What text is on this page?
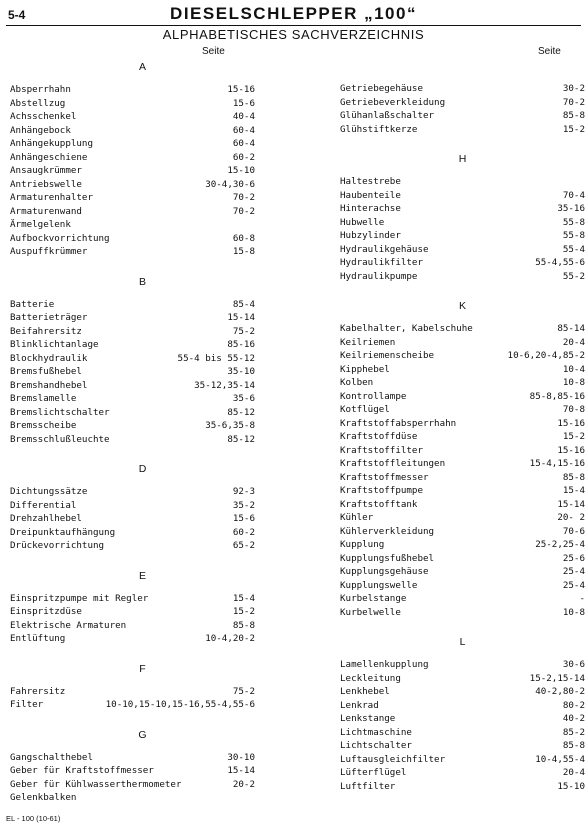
5-4	DIESELSCHLEPPER „100“
ALPHABETISCHES SACHVERZEICHNIS
Seite	Seite
A
Absperrhahn	15-16
Abstellzug	15-6
Achsschenkel	40-4
Anhängebock	60-4
Anhängekupplung	60-4
Anhängeschiene	60-2
Ansaugkrümmer	15-10
Antriebswelle	30-4,30-6
Armaturenhalter	70-2
Armaturenwand	70-2
Ärmelgelenk
Aufbockvorrichtung	60-8
Auspuffkrümmer	15-8
B
Batterie	85-4
Batterieträger	15-14
Beifahrersitz	75-2
Blinklichtanlage	85-16
Blockhydraulik	55-4 bis 55-12
Bremsfußhebel	35-10
Bremshandhebel	35-12,35-14
Bremslamelle	35-6
Bremslichtschalter	85-12
Bremsscheibe	35-6,35-8
Bremsschlußleuchte	85-12
D
Dichtungssätze	92-3
Differential	35-2
Drehzahlhebel	15-6
Dreipunktaufhängung	60-2
Drückevorrichtung	65-2
E
Einspritzpumpe mit Regler	15-4
Einspritzdüse	15-2
Elektrische Armaturen	85-8
Entlüftung	10-4,20-2
F
Fahrersitz	75-2
Filter	10-10,15-10,15-16,55-4,55-6
G
Gangschalthebel	30-10
Geber für Kraftstoffmesser	15-14
Geber für Kühlwasserthermometer	20-2
Gelenkbalken
Getriebegehäuse	30-2
Getriebeverkleidung	70-2
Glühanlaßschalter	85-8
Glühstiftkerze	15-2
H
Haltestrebe
Haubenteile	70-4
Hinterachse	35-16
Hubwelle	55-8
Hubzylinder	55-8
Hydraulikgehäuse	55-4
Hydraulikfilter	55-4,55-6
Hydraulikpumpe	55-2
K
Kabelhalter, Kabelschuhe	85-14
Keilriemen	20-4
Keilriemenscheibe	10-6,20-4,85-2
Kipphebel	10-4
Kolben	10-8
Kontrollampe	85-8,85-16
Kotflügel	70-8
Kraftstoffabsperrhahn	15-16
Kraftstoffdüse	15-2
Kraftstoffilter	15-16
Kraftstoffleitungen	15-4,15-16
Kraftstoffmesser	85-8
Kraftstoffpumpe	15-4
Kraftstofftank	15-14
Kühler	20- 2
Kühlerverkleidung	70-6
Kupplung	25-2,25-4
Kupplungsfußhebel	25-6
Kupplungsgehäuse	25-4
Kupplungswelle	25-4
Kurbelstange	-
Kurbelwelle	10-8
L
Lamellenkupplung	30-6
Leckleitung	15-2,15-14
Lenkhebel	40-2,80-2
Lenkrad	80-2
Lenkstange	40-2
Lichtmaschine	85-2
Lichtschalter	85-8
Luftausgleichfilter	10-4,55-4
Lüfterflügel	20-4
Luftfilter	15-10
EL - 100 (10-61)
